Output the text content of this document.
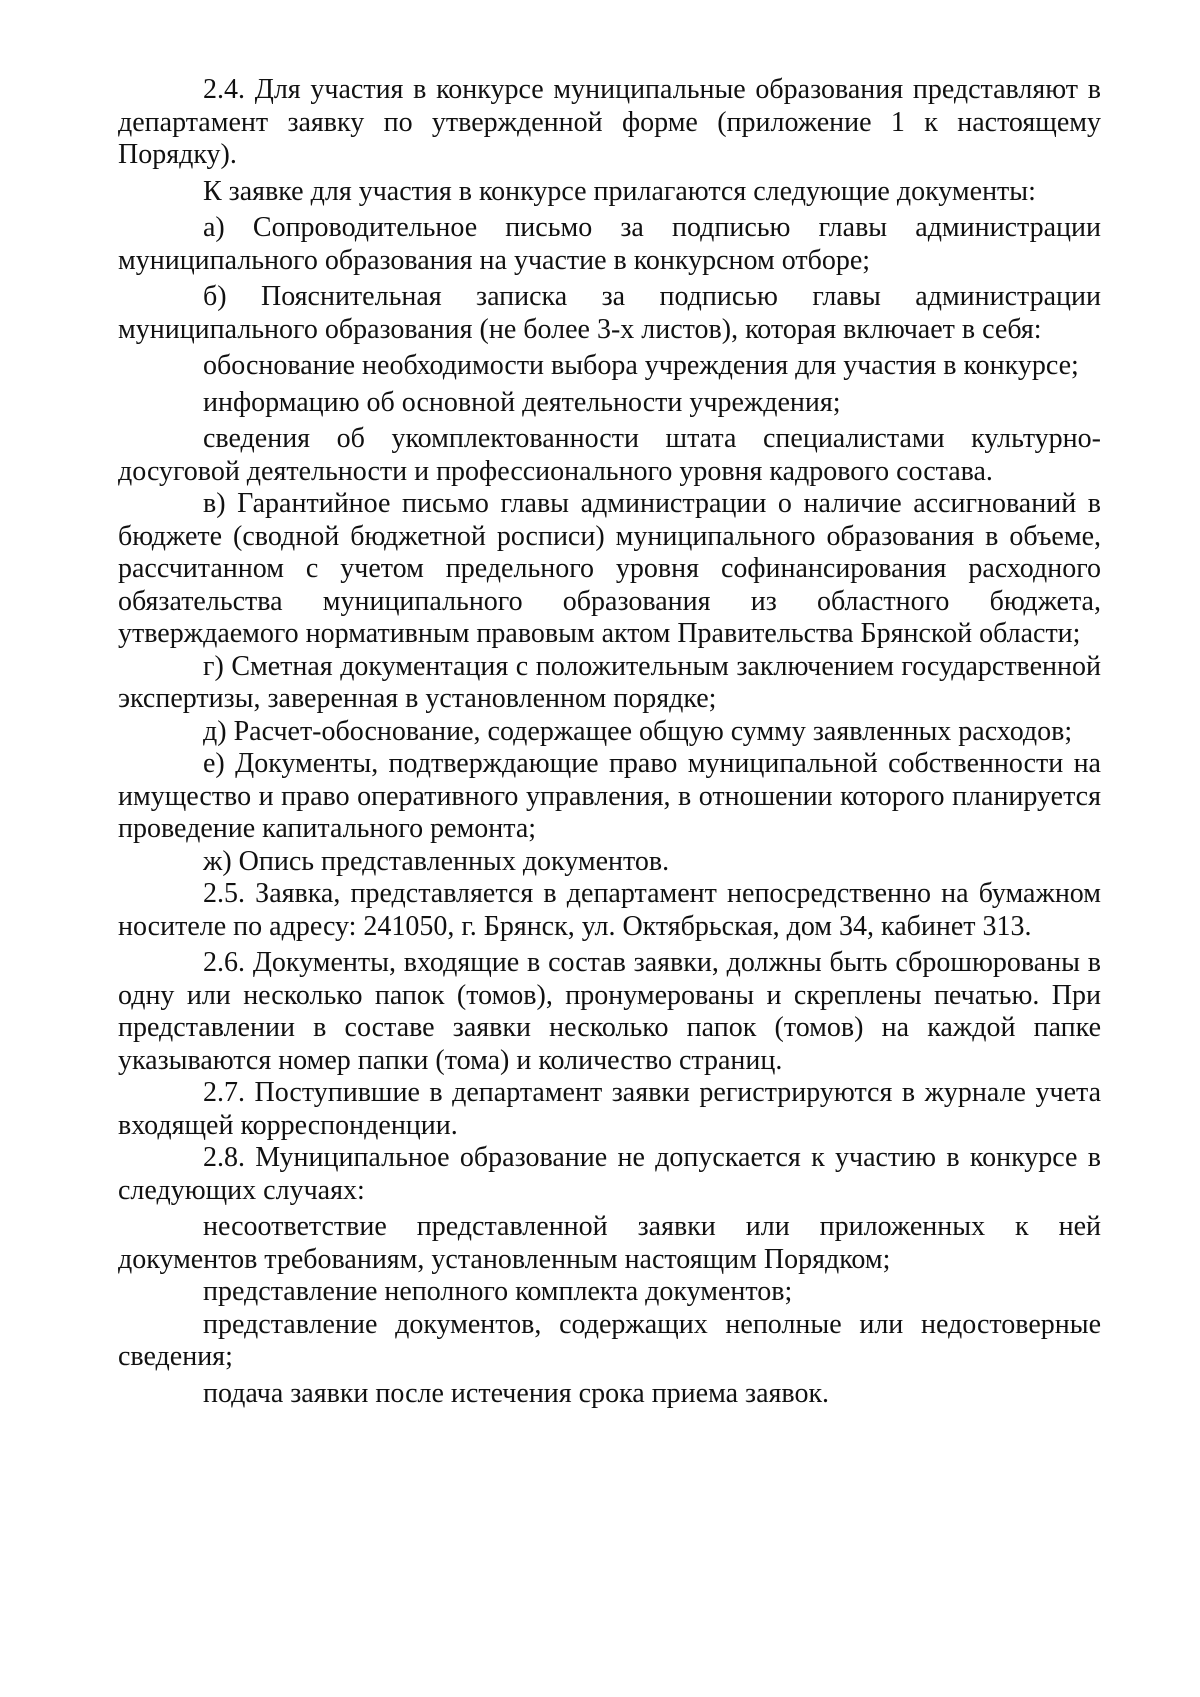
2.4. Для участия в конкурсе муниципальные образования представляют в департамент заявку по утвержденной форме (приложение 1 к настоящему Порядку).

К заявке для участия в конкурсе прилагаются следующие документы:

а) Сопроводительное письмо за подписью главы администрации муниципального образования на участие в конкурсном отборе;

б) Пояснительная записка за подписью главы администрации муниципального образования (не более 3-х листов), которая включает в себя:

обоснование необходимости выбора учреждения для участия в конкурсе;

информацию об основной деятельности учреждения;

сведения об укомплектованности штата специалистами культурно-досуговой деятельности и профессионального уровня кадрового состава.

в) Гарантийное письмо главы администрации о наличие ассигнований в бюджете (сводной бюджетной росписи) муниципального образования в объеме, рассчитанном с учетом предельного уровня софинансирования расходного обязательства муниципального образования из областного бюджета, утверждаемого нормативным правовым актом Правительства Брянской области;

г) Сметная документация с положительным заключением государственной экспертизы, заверенная в установленном порядке;

д) Расчет-обоснование, содержащее общую сумму заявленных расходов;

е) Документы, подтверждающие право муниципальной собственности на имущество и право оперативного управления, в отношении которого планируется проведение капитального ремонта;

ж) Опись представленных документов.

2.5. Заявка, представляется в департамент непосредственно на бумажном носителе по адресу: 241050, г. Брянск, ул. Октябрьская, дом 34, кабинет 313.

2.6. Документы, входящие в состав заявки, должны быть сброшюрованы в одну или несколько папок (томов), пронумерованы и скреплены печатью. При представлении в составе заявки несколько папок (томов) на каждой папке указываются номер папки (тома) и количество страниц.

2.7. Поступившие в департамент заявки регистрируются в журнале учета входящей корреспонденции.

2.8. Муниципальное образование не допускается к участию в конкурсе в следующих случаях:

несоответствие представленной заявки или приложенных к ней документов требованиям, установленным настоящим Порядком;

представление неполного комплекта документов;

представление документов, содержащих неполные или недостоверные сведения;

подача заявки после истечения срока приема заявок.
